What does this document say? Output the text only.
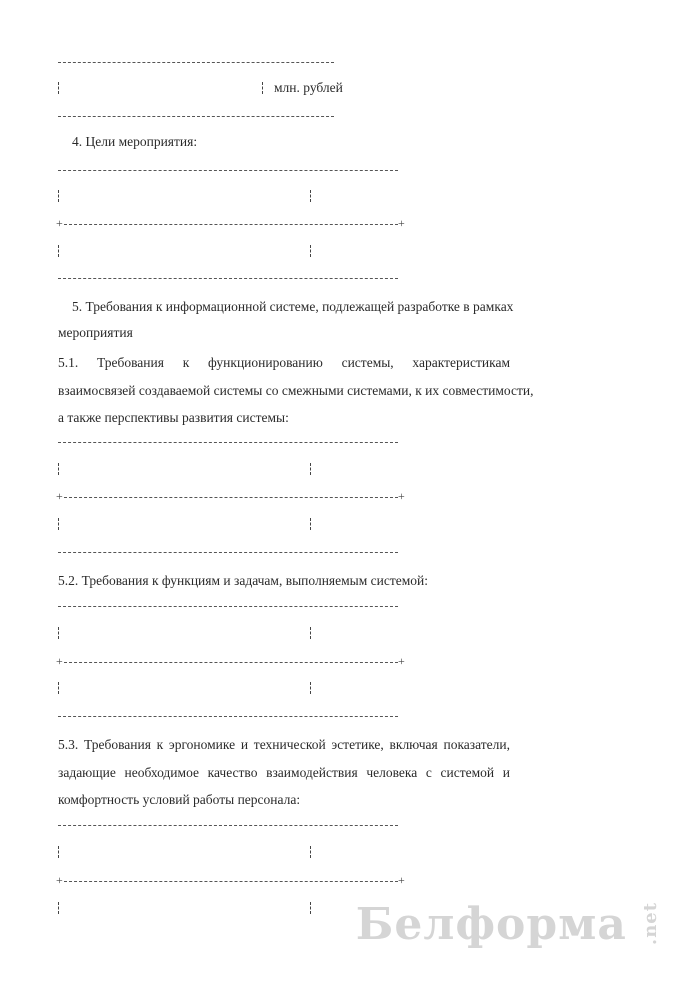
млн. рублей
4. Цели мероприятия:
+	+
5. Требования к информационной системе, подлежащей разработке в рамках
мероприятия
5.1. Требования к функционированию системы, характеристикам
взаимосвязей создаваемой системы со смежными системами, к их совместимости,
а также перспективы развития системы:
+	+
5.2. Требования к функциям и задачам, выполняемым системой:
+	+
5.3. Требования к эргономике и технической эстетике, включая показатели,
задающие необходимое качество взаимодействия человека с системой и
комфортность условий работы персонала:
+	+
Белформа .net
